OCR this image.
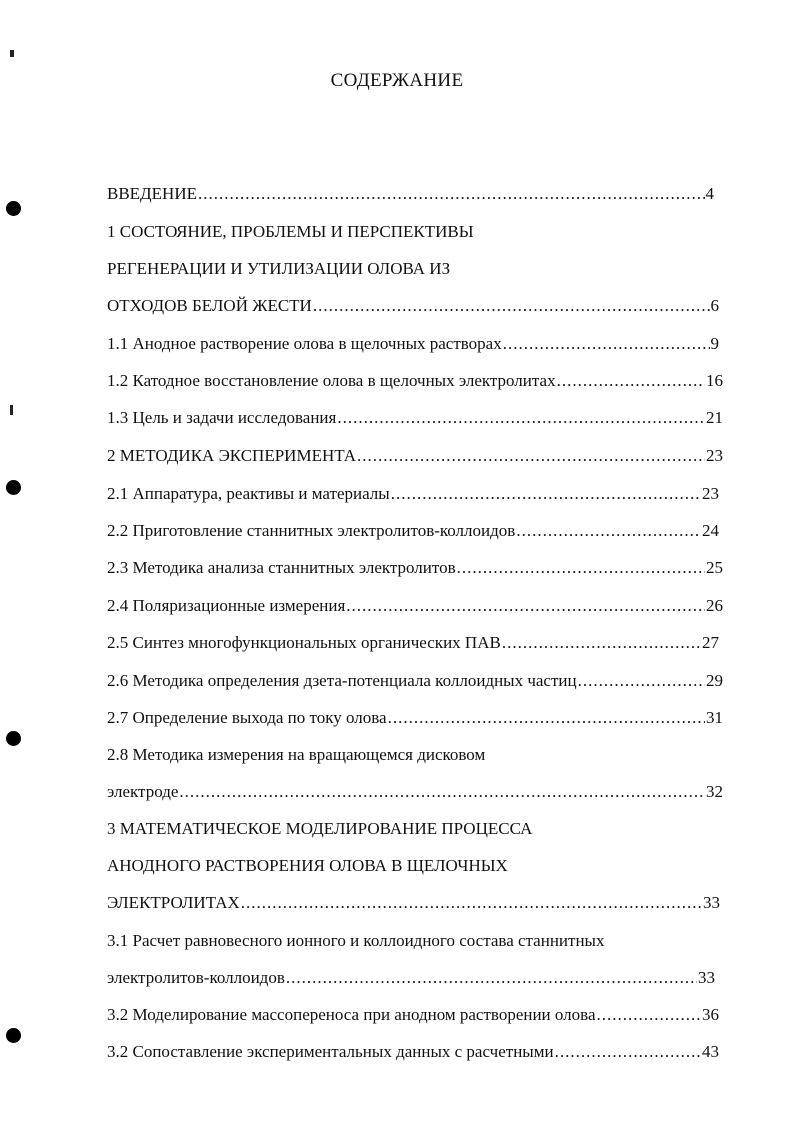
СОДЕРЖАНИЕ
ВВЕДЕНИЕ .....	4
1 СОСТОЯНИЕ, ПРОБЛЕМЫ И ПЕРСПЕКТИВЫ
РЕГЕНЕРАЦИИ И УТИЛИЗАЦИИ ОЛОВА ИЗ
ОТХОДОВ БЕЛОЙ ЖЕСТИ .....	6
1.1 Анодное растворение олова в щелочных растворах .....	9
1.2 Катодное восстановление олова в щелочных электролитах .....	16
1.3 Цель и задачи исследования .....	21
2 МЕТОДИКА ЭКСПЕРИМЕНТА .....	23
2.1 Аппаратура, реактивы и материалы .....	23
2.2 Приготовление станнитных электролитов-коллоидов .....	24
2.3 Методика анализа станнитных электролитов .....	25
2.4 Поляризационные измерения .....	26
2.5 Синтез многофункциональных органических ПАВ .....	27
2.6 Методика определения дзета-потенциала коллоидных частиц .....	29
2.7 Определение выхода по току олова .....	31
2.8 Методика измерения на вращающемся дисковом
электроде .....	32
3 МАТЕМАТИЧЕСКОЕ МОДЕЛИРОВАНИЕ ПРОЦЕССА
АНОДНОГО РАСТВОРЕНИЯ ОЛОВА В ЩЕЛОЧНЫХ
ЭЛЕКТРОЛИТАХ .....	33
3.1 Расчет равновесного ионного и коллоидного состава станнитных
электролитов-коллоидов .....	33
3.2 Моделирование массопереноса при анодном растворении олова .....	36
3.2 Сопоставление экспериментальных данных с расчетными .....	43
